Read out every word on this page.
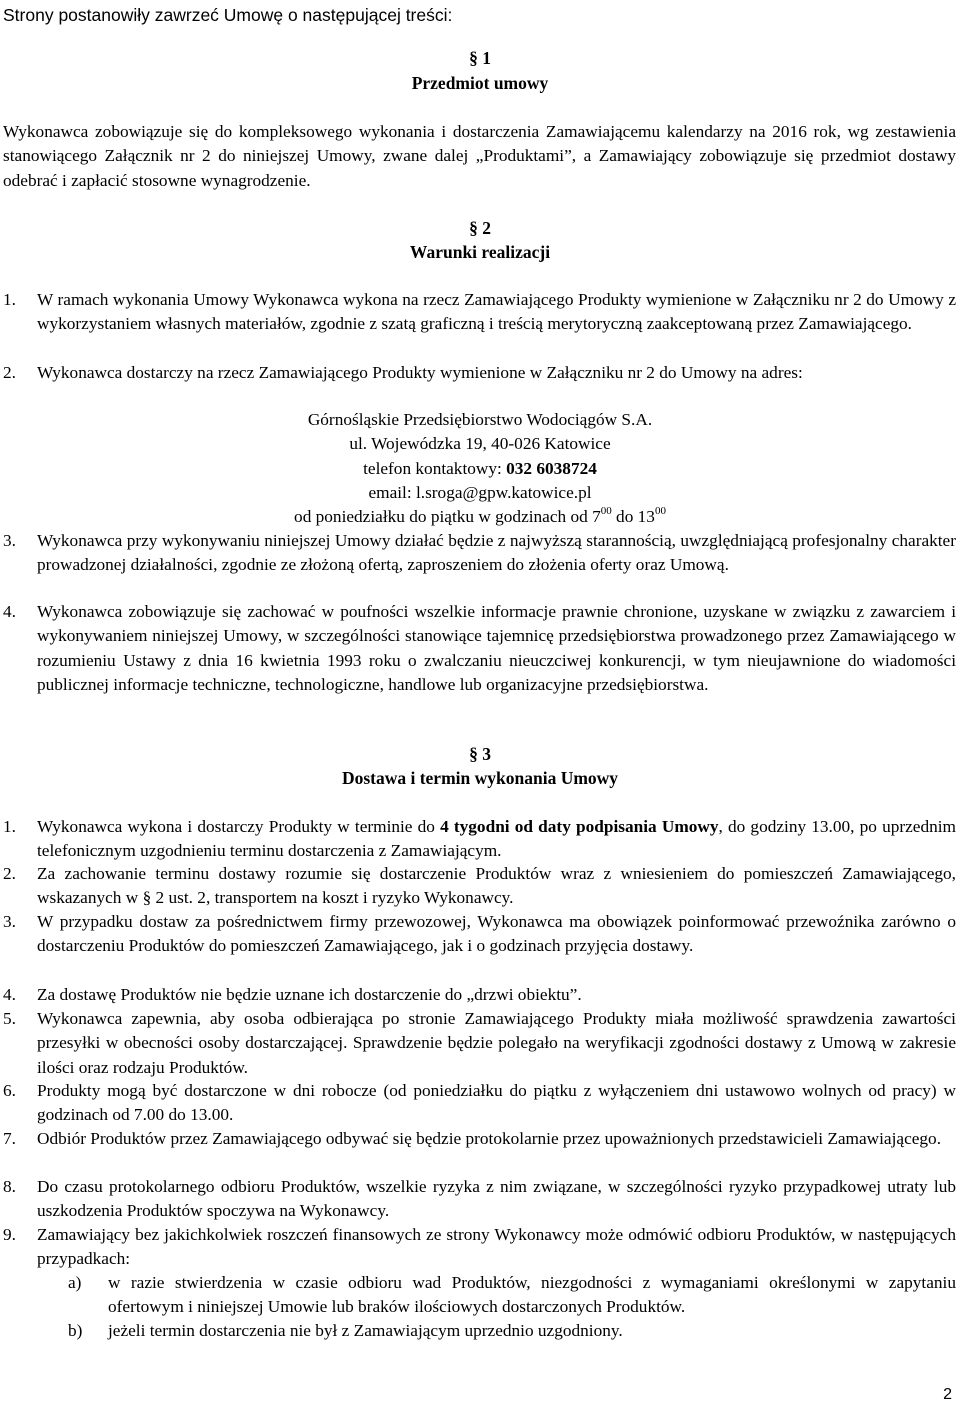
Strony postanowiły zawrzeć Umowę o następującej treści:
§ 1
Przedmiot umowy
Wykonawca zobowiązuje się do kompleksowego wykonania i dostarczenia Zamawiającemu kalendarzy na 2016 rok, wg zestawienia stanowiącego Załącznik nr 2 do niniejszej Umowy, zwane dalej „Produktami”, a Zamawiający zobowiązuje się przedmiot dostawy odebrać i zapłacić stosowne wynagrodzenie.
§ 2
Warunki realizacji
1. W ramach wykonania Umowy Wykonawca wykona na rzecz Zamawiającego Produkty wymienione w Załączniku nr 2 do Umowy z wykorzystaniem własnych materiałów, zgodnie z szatą graficzną i treścią merytoryczną zaakceptowaną przez Zamawiającego.
2. Wykonawca dostarczy na rzecz Zamawiającego Produkty wymienione w Załączniku nr 2 do Umowy na adres:
Górnośląskie Przedsiębiorstwo Wodociągów S.A.
ul. Wojewódzka 19, 40-026 Katowice
telefon kontaktowy: 032 6038724
email: l.sroga@gpw.katowice.pl
od poniedziałku do piątku w godzinach od $7^{00}$ do $13^{00}$
3. Wykonawca przy wykonywaniu niniejszej Umowy działać będzie z najwyższą starannością, uwzględniającą profesjonalny charakter prowadzonej działalności, zgodnie ze złożoną ofertą, zaproszeniem do złożenia oferty oraz Umową.
4. Wykonawca zobowiązuje się zachować w poufności wszelkie informacje prawnie chronione, uzyskane w związku z zawarciem i wykonywaniem niniejszej Umowy, w szczególności stanowiące tajemnicę przedsiębiorstwa prowadzonego przez Zamawiającego w rozumieniu Ustawy z dnia 16 kwietnia 1993 roku o zwalczaniu nieuczciwej konkurencji, w tym nieujawnione do wiadomości publicznej informacje techniczne, technologiczne, handlowe lub organizacyjne przedsiębiorstwa.
§ 3
Dostawa i termin wykonania Umowy
1. Wykonawca wykona i dostarczy Produkty w terminie do 4 tygodni od daty podpisania Umowy, do godziny 13.00, po uprzednim telefonicznym uzgodnieniu terminu dostarczenia z Zamawiającym.
2. Za zachowanie terminu dostawy rozumie się dostarczenie Produktów wraz z wniesieniem do pomieszczeń Zamawiającego, wskazanych w § 2 ust. 2, transportem na koszt i ryzyko Wykonawcy.
3. W przypadku dostaw za pośrednictwem firmy przewozowej, Wykonawca ma obowiązek poinformować przewoźnika zarówno o dostarczeniu Produktów do pomieszczeń Zamawiającego, jak i o godzinach przyjęcia dostawy.
4. Za dostawę Produktów nie będzie uznane ich dostarczenie do „drzwi obiektu”.
5. Wykonawca zapewnia, aby osoba odbierająca po stronie Zamawiającego Produkty miała możliwość sprawdzenia zawartości przesyłki w obecności osoby dostarczającej. Sprawdzenie będzie polegało na weryfikacji zgodności dostawy z Umową w zakresie ilości oraz rodzaju Produktów.
6. Produkty mogą być dostarczone w dni robocze (od poniedziałku do piątku z wyłączeniem dni ustawowo wolnych od pracy) w godzinach od 7.00 do 13.00.
7. Odbiór Produktów przez Zamawiającego odbywać się będzie protokolarnie przez upoważnionych przedstawicieli Zamawiającego.
8. Do czasu protokolarnego odbioru Produktów, wszelkie ryzyka z nim związane, w szczególności ryzyko przypadkowej utraty lub uszkodzenia Produktów spoczywa na Wykonawcy.
9. Zamawiający bez jakichkolwiek roszczeń finansowych ze strony Wykonawcy może odmówić odbioru Produktów, w następujących przypadkach:
a) w razie stwierdzenia w czasie odbioru wad Produktów, niezgodności z wymaganiami określonymi w zapytaniu ofertowym i niniejszej Umowie lub braków ilościowych dostarczonych Produktów.
b) jeżeli termin dostarczenia nie był z Zamawiającym uprzednio uzgodniony.
2
